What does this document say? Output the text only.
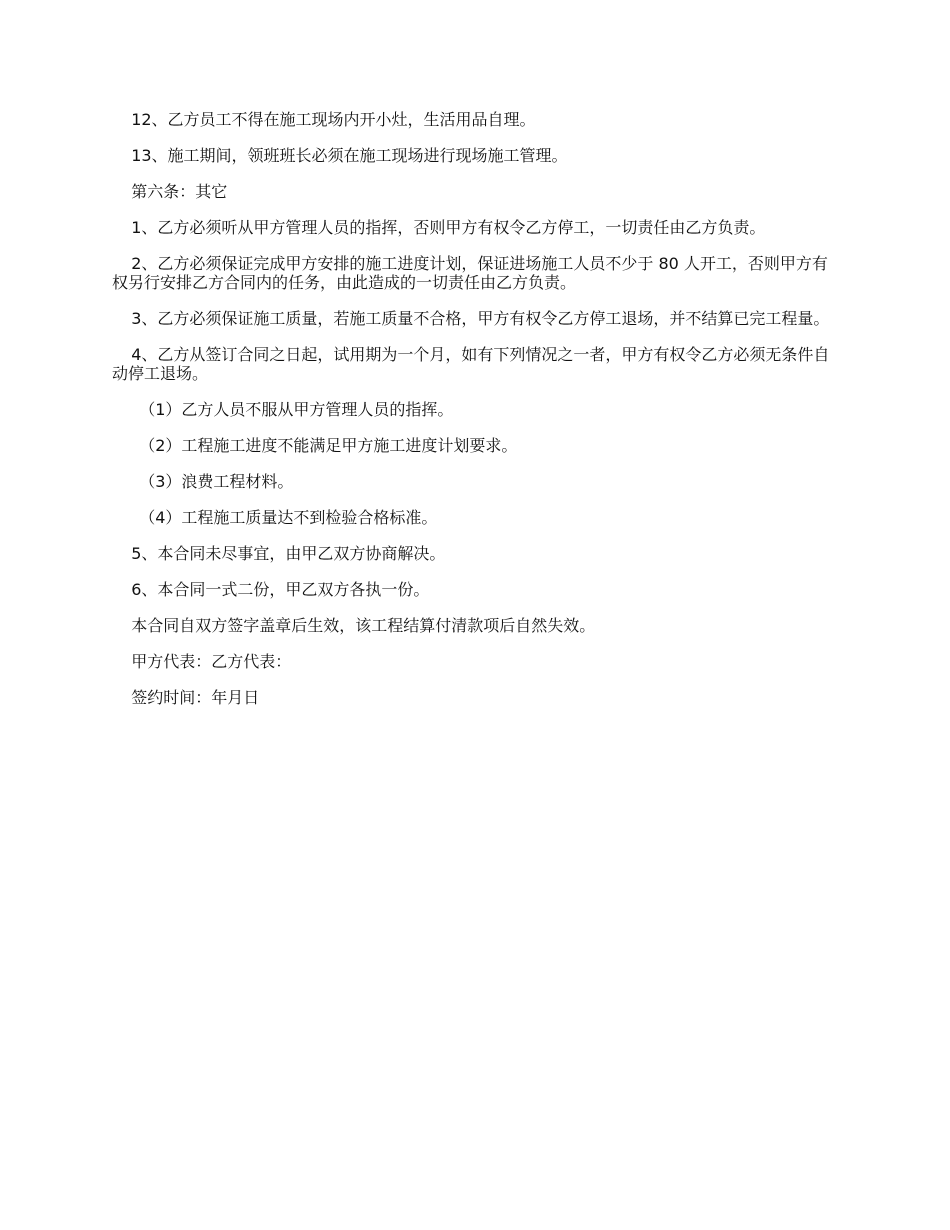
12、乙方员工不得在施工现场内开小灶，生活用品自理。

13、施工期间，领班班长必须在施工现场进行现场施工管理。

第六条：其它

1、乙方必须听从甲方管理人员的指挥，否则甲方有权令乙方停工，一切责任由乙方负责。

2、乙方必须保证完成甲方安排的施工进度计划，保证进场施工人员不少于 80 人开工，否则甲方有权另行安排乙方合同内的任务，由此造成的一切责任由乙方负责。

3、乙方必须保证施工质量，若施工质量不合格，甲方有权令乙方停工退场，并不结算已完工程量。

4、乙方从签订合同之日起，试用期为一个月，如有下列情况之一者，甲方有权令乙方必须无条件自动停工退场。

（1）乙方人员不服从甲方管理人员的指挥。

（2）工程施工进度不能满足甲方施工进度计划要求。

（3）浪费工程材料。

（4）工程施工质量达不到检验合格标准。

5、本合同未尽事宜，由甲乙双方协商解决。

6、本合同一式二份，甲乙双方各执一份。

本合同自双方签字盖章后生效，该工程结算付清款项后自然失效。

甲方代表：乙方代表：

签约时间：年月日
